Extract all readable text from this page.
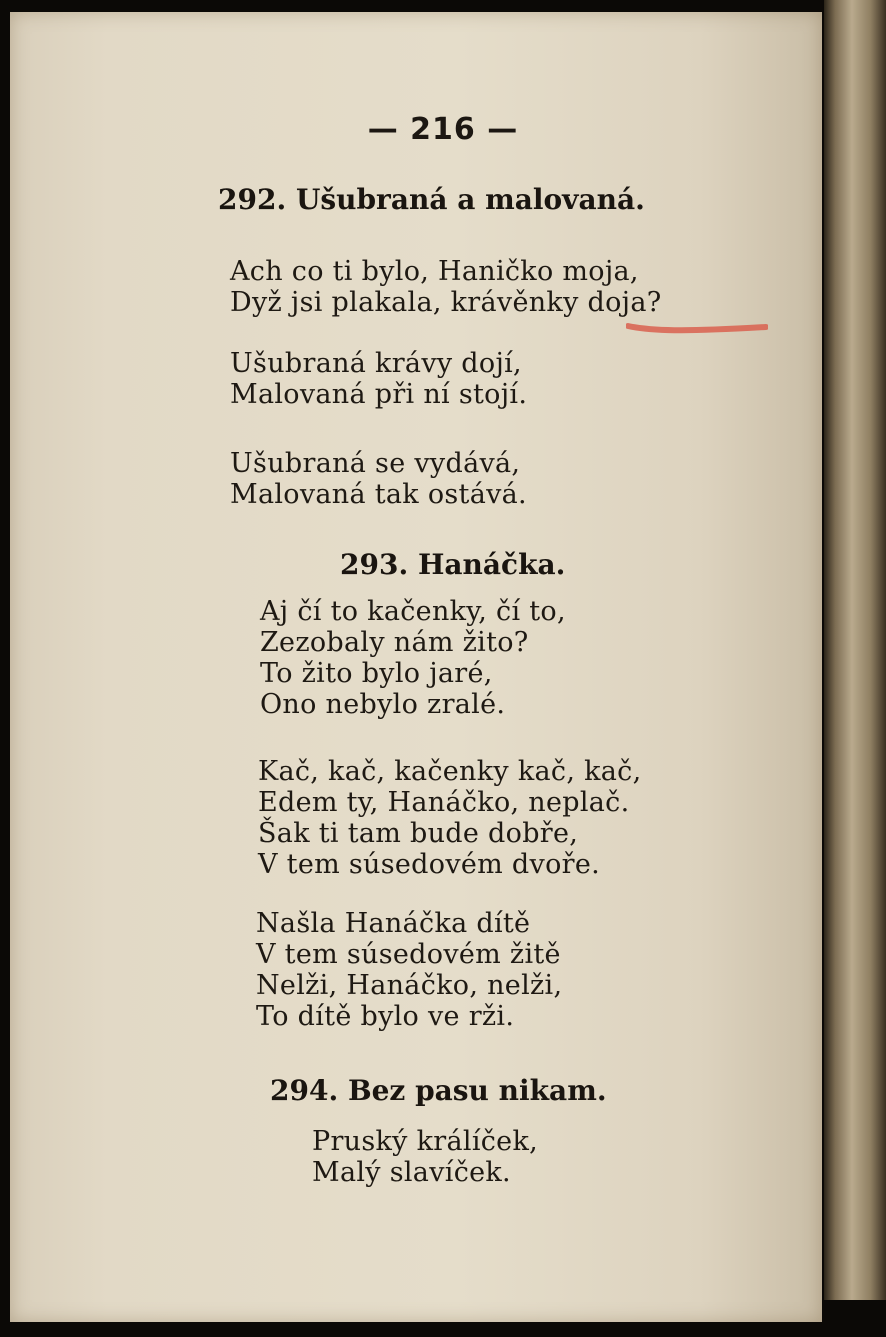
— 216 —
292. Ušubraná a malovaná.
Ach co ti bylo, Haničko moja,
Dyž jsi plakala, krávěnky doja?
Ušubraná krávy dojí,
Malovaná při ní stojí.
Ušubraná se vydává,
Malovaná tak ostává.
293. Hanáčka.
Aj čí to kačenky, čí to,
Zezobaly nám žito?
To žito bylo jaré,
Ono nebylo zralé.
Kač, kač, kačenky kač, kač,
Edem ty, Hanáčko, neplač.
Šak ti tam bude dobře,
V tem súsedovém dvoře.
Našla Hanáčka dítě
V tem súsedovém žitě
Nelži, Hanáčko, nelži,
To dítě bylo ve rži.
294. Bez pasu nikam.
Pruský králíček,
Malý slavíček.
